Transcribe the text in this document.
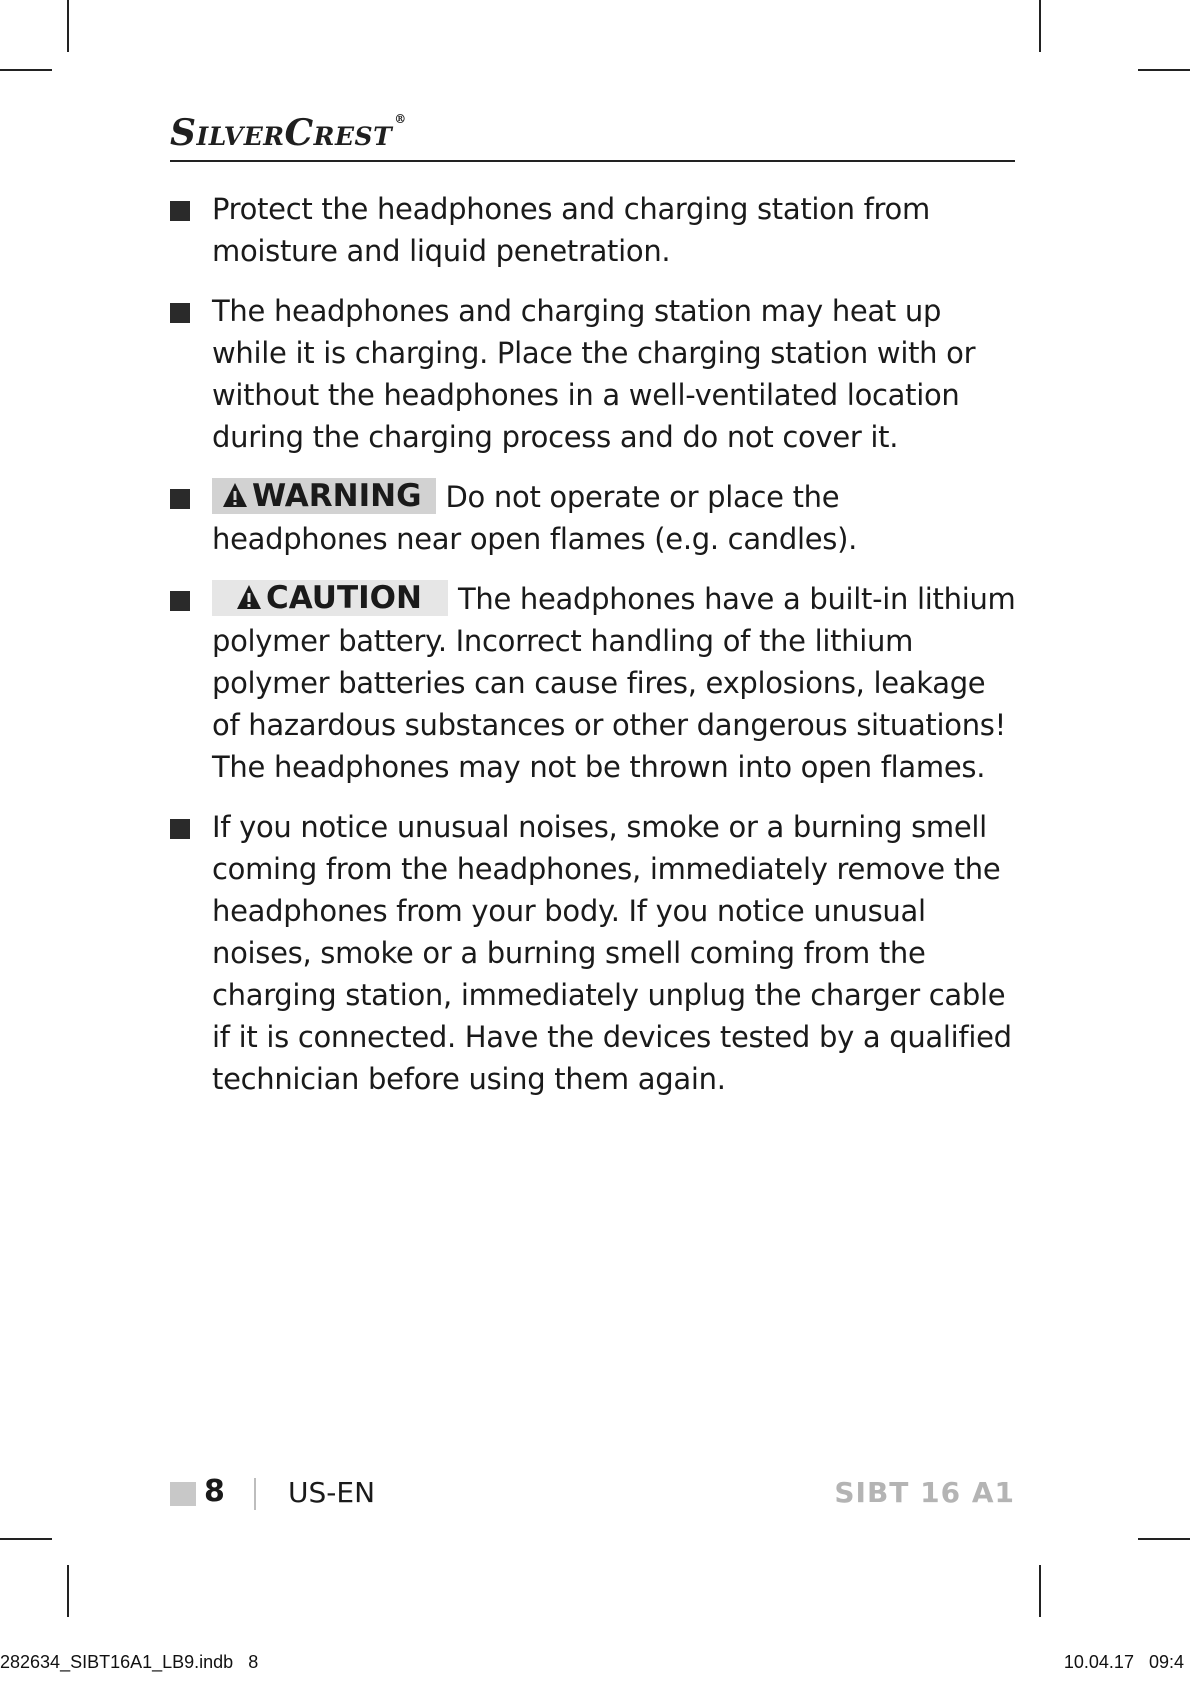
SilverCrest ®
Protect the headphones and charging station from moisture and liquid penetration.
The headphones and charging station may heat up while it is charging. Place the charging station with or without the headphones in a well-ventilated location during the charging process and do not cover it.
WARNING Do not operate or place the headphones near open flames (e.g. candles).
CAUTION The headphones have a built-in lithium polymer battery. Incorrect handling of the lithium polymer batteries can cause fires, explosions, leakage of hazardous substances or other dangerous situations! The headphones may not be thrown into open flames.
If you notice unusual noises, smoke or a burning smell coming from the headphones, immediately remove the headphones from your body. If you notice unusual noises, smoke or a burning smell coming from the charging station, immediately unplug the charger cable if it is connected. Have the devices tested by a qualified technician before using them again.
8 US-EN	SIBT 16 A1
282634_SIBT16A1_LB9.indb   8	10.04.17   09:4
